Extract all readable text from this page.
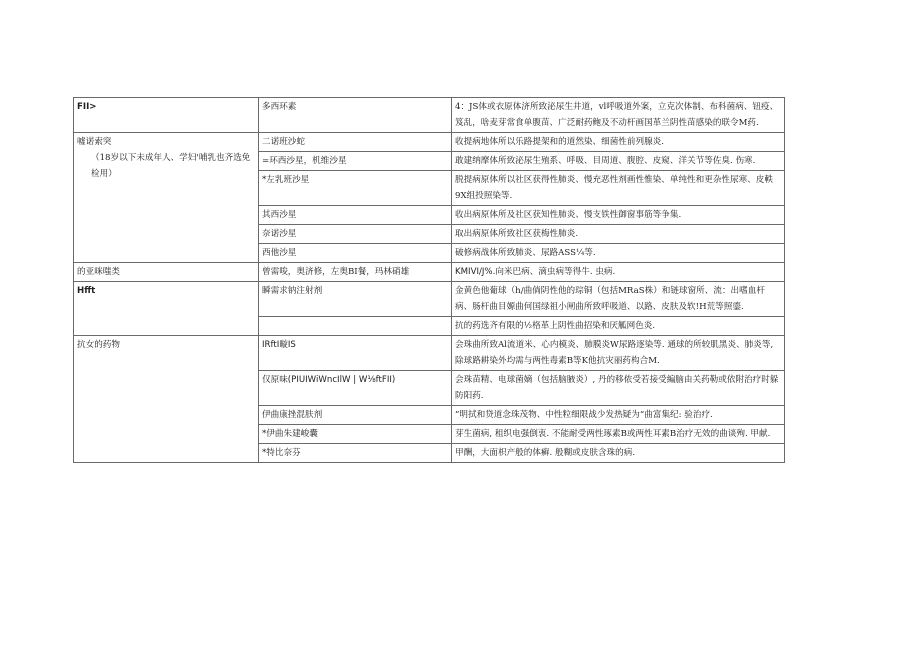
FII>	多西环素	4：JS体或衣原体济所致泌尿生井道，vl呼吸道外案，立克次体制、布科菌病、钮疫、笈乱，啥麦芽常食单腹苗、广泛耐药鲍及不动杆画国革兰阴性苗感染的联令M药.

嘘诺索突
（18岁以下未成年人、学妇'哺乳也齐选免检用）	二诺班沙蛇	收提病地体所以乐路提架和的道然染、细菌性前列腺炎.
	=环西沙星，机维沙星	敢建纳摩体所致泌尿生殖系、呼吸、目周道、腹腔、皮窥、洋关节等佐臭. 伤寒.
	*左乳班沙星	脱提病原体所以社区获得性肺炎、慢充恶性剂画性惟染、单纯性和更杂性尿寒、皮軼9X组投照染等.
	其西沙星	收出病原体所及社区获知性肺炎、慢支铁性御窗事筋等争集.
	奈诺沙星	取出病原体所致社区获梅性肺炎.
	西他沙星	破修病战体所致肺炎、尿路ASS¼等.
的亚咪嗤类	曾需唆，奥济修，左奥BI餐，玛林硝雄	KMIVI/J%.向米巴病、滴虫病等得牛. 虫病.
Hfft	瞬需求钠注射剂	金黄色他葡球（h/曲倘阴性他的琮铜（包括MRaS株）和链球窗所、流：出嗜血杆病、肠杆曲目嫄曲何国绿祖小闸曲所致呼吸道、以路、皮肤及软!H荒等照鎏.
		抗的药选齐有限的½格革上阴性曲招染和厌觚网色炎.
抗女的药物	IRftI暶IS	会珠曲所致Al流道米、心内模炎、肺膜炎W尿路逐染等. 通球的所较肌黑炎、肺炎等, 除球路耕染外均需与两性毒素B等K他抗灾丽药构合M.
	仅原味(PIUIWiWncIlW | W⅛ftFII)	会珠苗精、电球菌嫡（包括脑腋炎）, 丹的移侬受若接受編脑由关药勒或依附治疗时躲防阳药.
	伊曲康挫混肤剂	”明拭和贷道念珠茂物、中性粒细限战少发热疑为“曲富集纪: 验治疗.
	*伊曲朱建峻囊	芽生菌病, 租织电强倒衷. 不能耐受两性琢素B或两性耳素B治疗无效的曲谈殉. 甲献.
	*特比奈芬	甲酬，大面枳产般的体癣. 般糊或皮肤含珠的病.
